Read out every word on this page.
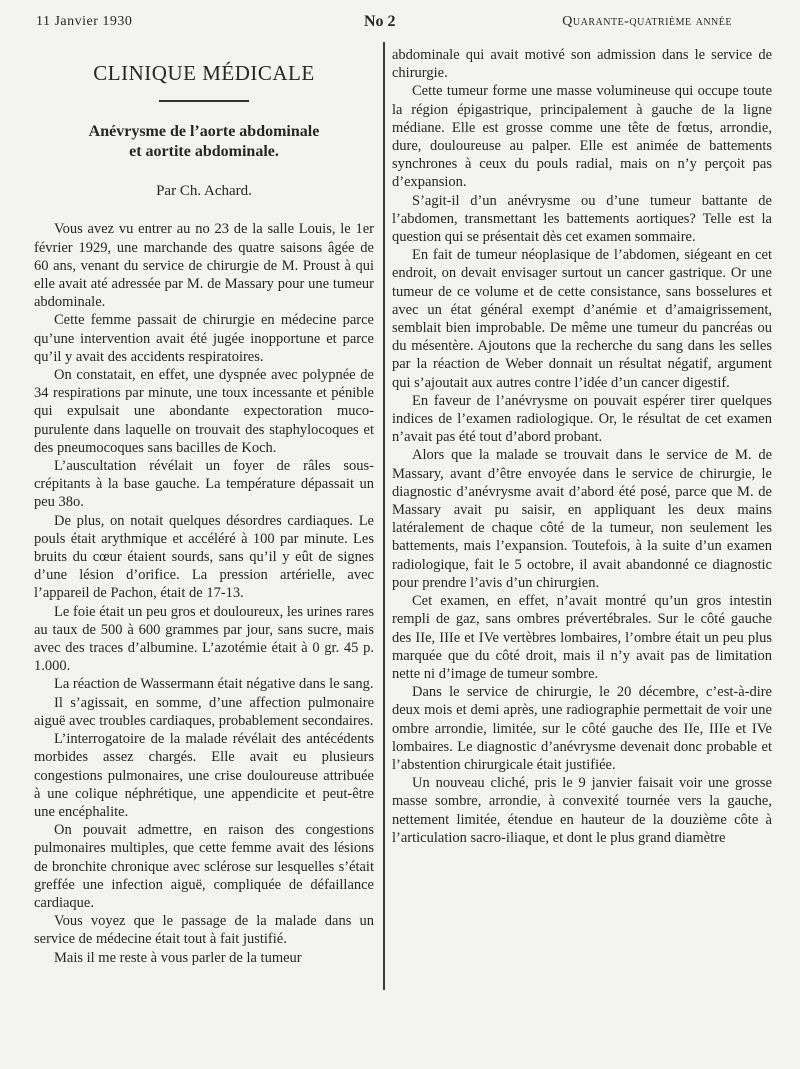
11 Janvier 1930	No 2	Quarante-quatrième année
CLINIQUE MÉDICALE
Anévrysme de l’aorte abdominale
et aortite abdominale.
Par Ch. Achard.

Vous avez vu entrer au no 23 de la salle Louis, le 1er février 1929, une marchande des quatre saisons âgée de 60 ans, venant du service de chirurgie de M. Proust à qui elle avait até adressée par M. de Massary pour une tumeur abdominale.

Cette femme passait de chirurgie en médecine parce qu’une intervention avait été jugée inopportune et parce qu’il y avait des accidents respiratoires.

On constatait, en effet, une dyspnée avec polypnée de 34 respirations par minute, une toux incessante et pénible qui expulsait une abondante expectoration muco-purulente dans laquelle on trouvait des staphylocoques et des pneumocoques sans bacilles de Koch.

L’auscultation révélait un foyer de râles sous-crépitants à la base gauche. La température dépassait un peu 38o.

De plus, on notait quelques désordres cardiaques. Le pouls était arythmique et accéléré à 100 par minute. Les bruits du cœur étaient sourds, sans qu’il y eût de signes d’une lésion d’orifice. La pression artérielle, avec l’appareil de Pachon, était de 17-13.

Le foie était un peu gros et douloureux, les urines rares au taux de 500 à 600 grammes par jour, sans sucre, mais avec des traces d’albumine. L’azotémie était à 0 gr. 45 p. 1.000.

La réaction de Wassermann était négative dans le sang.

Il s’agissait, en somme, d’une affection pulmonaire aiguë avec troubles cardiaques, probablement secondaires.

L’interrogatoire de la malade révélait des antécédents morbides assez chargés. Elle avait eu plusieurs congestions pulmonaires, une crise douloureuse attribuée à une colique néphrétique, une appendicite et peut-être une encéphalite.

On pouvait admettre, en raison des congestions pulmonaires multiples, que cette femme avait des lésions de bronchite chronique avec sclérose sur lesquelles s’était greffée une infection aiguë, compliquée de défaillance cardiaque.

Vous voyez que le passage de la malade dans un service de médecine était tout à fait justifié.

Mais il me reste à vous parler de la tumeur

abdominale qui avait motivé son admission dans le service de chirurgie.

Cette tumeur forme une masse volumineuse qui occupe toute la région épigastrique, principalement à gauche de la ligne médiane. Elle est grosse comme une tête de fœtus, arrondie, dure, douloureuse au palper. Elle est animée de battements synchrones à ceux du pouls radial, mais on n’y perçoit pas d’expansion.

S’agit-il d’un anévrysme ou d’une tumeur battante de l’abdomen, transmettant les battements aortiques? Telle est la question qui se présentait dès cet examen sommaire.

En fait de tumeur néoplasique de l’abdomen, siégeant en cet endroit, on devait envisager surtout un cancer gastrique. Or une tumeur de ce volume et de cette consistance, sans bosselures et avec un état général exempt d’anémie et d’amaigrissement, semblait bien improbable. De même une tumeur du pancréas ou du mésentère. Ajoutons que la recherche du sang dans les selles par la réaction de Weber donnait un résultat négatif, argument qui s’ajoutait aux autres contre l’idée d’un cancer digestif.

En faveur de l’anévrysme on pouvait espérer tirer quelques indices de l’examen radiologique. Or, le résultat de cet examen n’avait pas été tout d’abord probant.

Alors que la malade se trouvait dans le service de M. de Massary, avant d’être envoyée dans le service de chirurgie, le diagnostic d’anévrysme avait d’abord été posé, parce que M. de Massary avait pu saisir, en appliquant les deux mains latéralement de chaque côté de la tumeur, non seulement les battements, mais l’expansion. Toutefois, à la suite d’un examen radiologique, fait le 5 octobre, il avait abandonné ce diagnostic pour prendre l’avis d’un chirurgien.

Cet examen, en effet, n’avait montré qu’un gros intestin rempli de gaz, sans ombres prévertébrales. Sur le côté gauche des IIe, IIIe et IVe vertèbres lombaires, l’ombre était un peu plus marquée que du côté droit, mais il n’y avait pas de limitation nette ni d’image de tumeur sombre.

Dans le service de chirurgie, le 20 décembre, c’est-à-dire deux mois et demi après, une radiographie permettait de voir une ombre arrondie, limitée, sur le côté gauche des IIe, IIIe et IVe lombaires. Le diagnostic d’anévrysme devenait donc probable et l’abstention chirurgicale était justifiée.

Un nouveau cliché, pris le 9 janvier faisait voir une grosse masse sombre, arrondie, à convexité tournée vers la gauche, nettement limitée, étendue en hauteur de la douzième côte à l’articulation sacro-iliaque, et dont le plus grand diamètre
